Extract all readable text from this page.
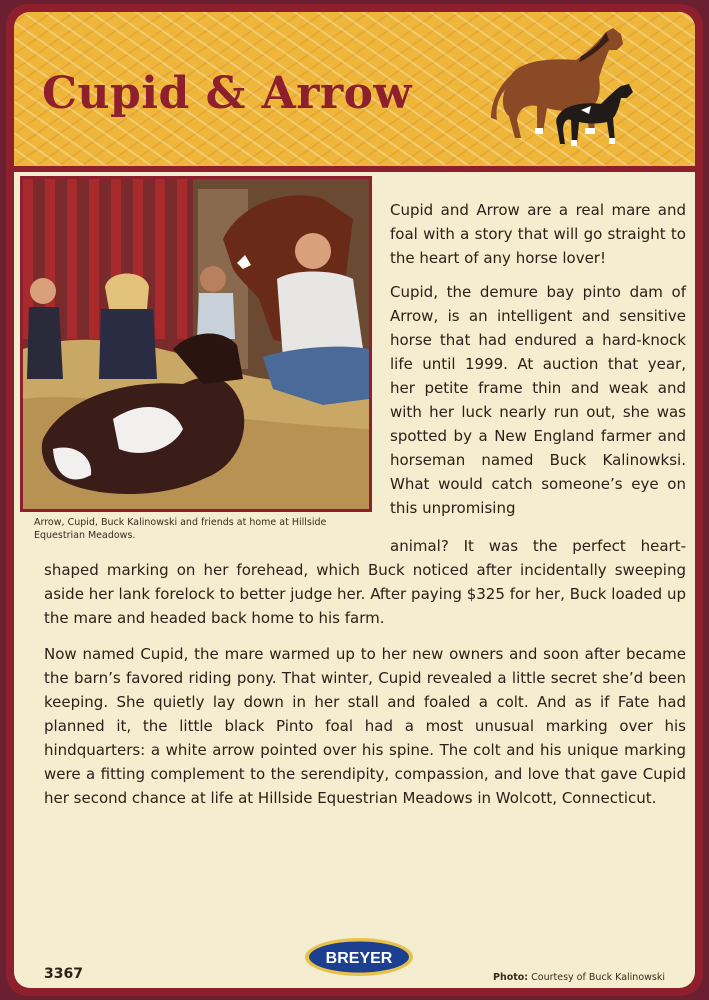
Cupid & Arrow

Arrow, Cupid, Buck Kalinowski and friends at home at Hillside Equestrian Meadows.

Cupid and Arrow are a real mare and foal with a story that will go straight to the heart of any horse lover!

Cupid, the demure bay pinto dam of Arrow, is an intelligent and sensitive horse that had endured a hard-knock life until 1999. At auction that year, her petite frame thin and weak and with her luck nearly run out, she was spotted by a New England farmer and horseman named Buck Kalinowksi. What would catch someone’s eye on this unpromising

animal? It was the perfect heart-shaped marking on her forehead, which Buck noticed after incidentally sweeping aside her lank forelock to better judge her. After paying $325 for her, Buck loaded up the mare and headed back home to his farm.

Now named Cupid, the mare warmed up to her new owners and soon after became the barn’s favored riding pony. That winter, Cupid revealed a little secret she’d been keeping. She quietly lay down in her stall and foaled a colt. And as if Fate had planned it, the little black Pinto foal had a most unusual marking over his hindquarters: a white arrow pointed over his spine. The colt and his unique marking were a fitting complement to the serendipity, compassion, and love that gave Cupid her second chance at life at Hillside Equestrian Meadows in Wolcott, Connecticut.

3367
BREYER
Photo: Courtesy of Buck Kalinowski
